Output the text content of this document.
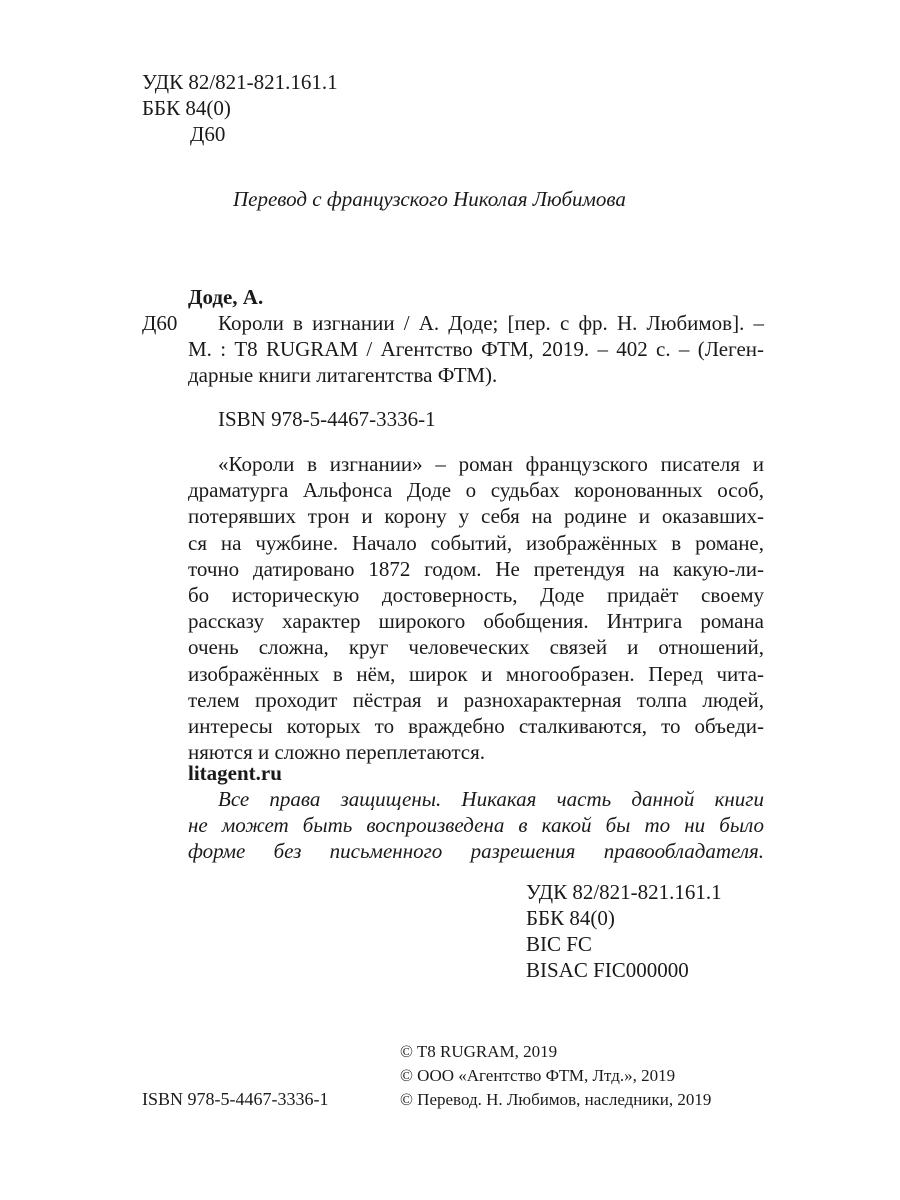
УДК 82/821-821.161.1
ББК 84(0)
Д60
Перевод с французского Николая Любимова
Доде, А.
Д60 Короли в изгнании / А. Доде; [пер. с фр. Н. Любимов]. –
М. : Т8 RUGRAM / Агентство ФТМ, 2019. – 402 с. – (Леген-
дарные книги литагентства ФТМ).
ISBN 978-5-4467-3336-1
«Короли в изгнании» – роман французского писателя и
драматурга Альфонса Доде о судьбах коронованных особ,
потерявших трон и корону у себя на родине и оказавших-
ся на чужбине. Начало событий, изображённых в романе,
точно датировано 1872 годом. Не претендуя на какую-ли-
бо историческую достоверность, Доде придаёт своему
рассказу характер широкого обобщения. Интрига романа
очень сложна, круг человеческих связей и отношений,
изображённых в нём, широк и многообразен. Перед чита-
телем проходит пёстрая и разнохарактерная толпа людей,
интересы которых то враждебно сталкиваются, то объеди-
няются и сложно переплетаются.
litagent.ru
Все права защищены. Никакая часть данной книги
не может быть воспроизведена в какой бы то ни было
форме без письменного разрешения правообладателя.
УДК 82/821-821.161.1
ББК 84(0)
BIC FC
BISAC FIC000000
© T8 RUGRAM, 2019
© ООО «Агентство ФТМ, Лтд.», 2019
© Перевод. Н. Любимов, наследники, 2019
ISBN 978-5-4467-3336-1
